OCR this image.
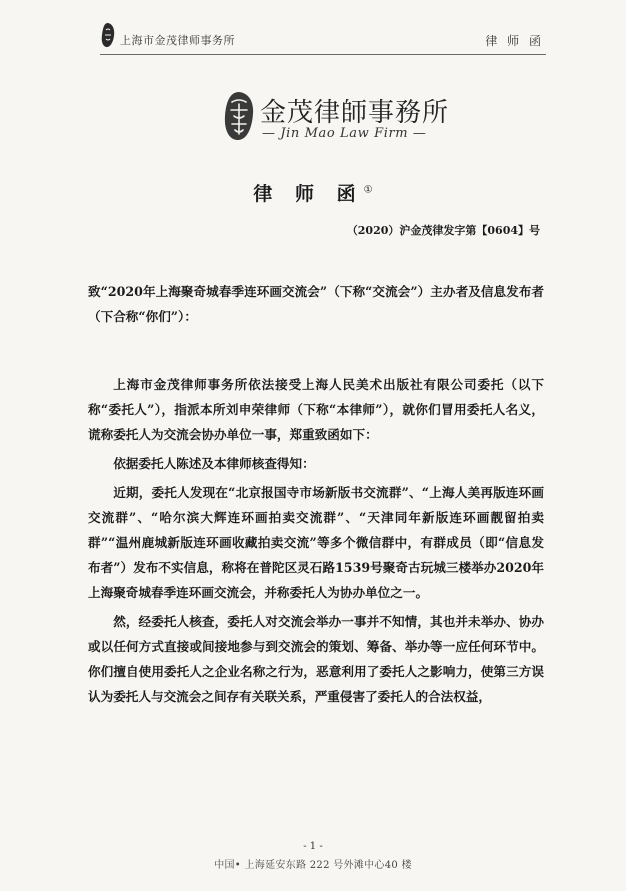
上海市金茂律师事务所	律 师 函
金茂律師事務所
— Jin Mao Law Firm —
律 师 函①
（2020）沪金茂律发字第【0604】号

致“2020年上海聚奇城春季连环画交流会”（下称“交流会”）主办者及信息发布者（下合称“你们”）：

上海市金茂律师事务所依法接受上海人民美术出版社有限公司委托（以下称“委托人”），指派本所刘申荣律师（下称“本律师”），就你们冒用委托人名义，谎称委托人为交流会协办单位一事，郑重致函如下：

依据委托人陈述及本律师核查得知：

近期，委托人发现在“北京报国寺市场新版书交流群”、“上海人美再版连环画交流群”、“哈尔滨大辉连环画拍卖交流群”、“天津同年新版连环画靓留拍卖群”“温州鹿城新版连环画收藏拍卖交流”等多个微信群中，有群成员（即“信息发布者”）发布不实信息，称将在普陀区灵石路1539号聚奇古玩城三楼举办2020年上海聚奇城春季连环画交流会，并称委托人为协办单位之一。

然，经委托人核查，委托人对交流会举办一事并不知情，其也并未举办、协办或以任何方式直接或间接地参与到交流会的策划、筹备、举办等一应任何环节中。你们擅自使用委托人之企业名称之行为，恶意利用了委托人之影响力，使第三方误认为委托人与交流会之间存有关联关系，严重侵害了委托人的合法权益，

- 1 -
中国• 上海延安东路 222 号外滩中心40 楼
